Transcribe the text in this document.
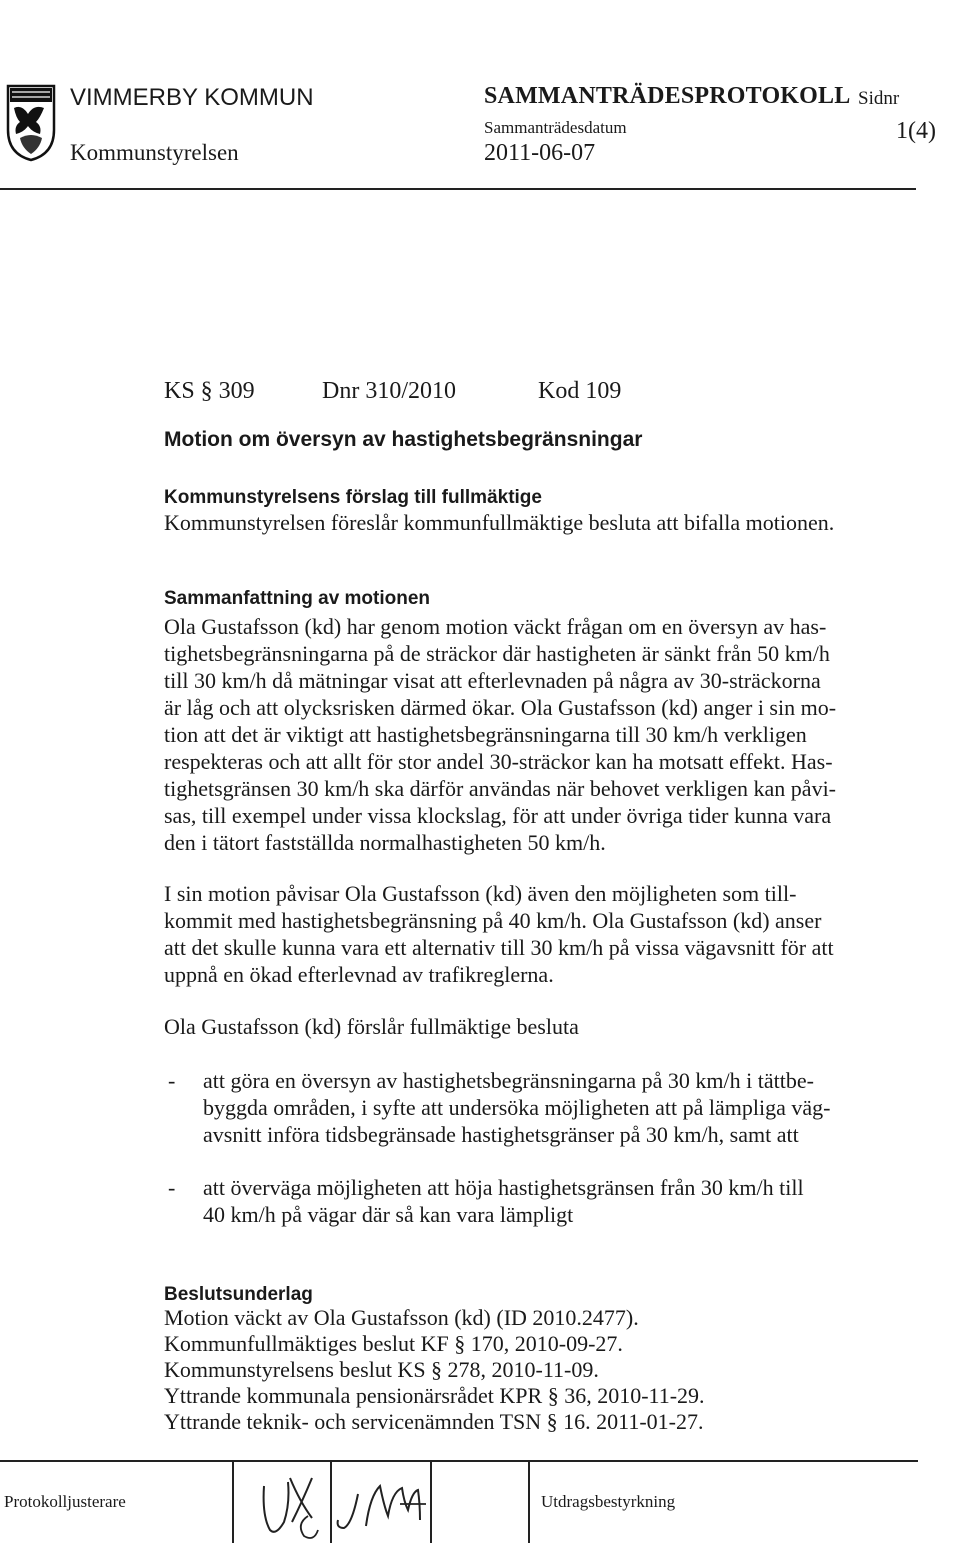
VIMMERBY KOMMUN
Kommunstyrelsen
SAMMANTRÄDESPROTOKOLL
Sammanträdesdatum
2011-06-07
Sidnr
1(4)
KS § 309	Dnr 310/2010	Kod 109
Motion om översyn av hastighetsbegränsningar
Kommunstyrelsens förslag till fullmäktige
Kommunstyrelsen föreslår kommunfullmäktige besluta att bifalla motionen.
Sammanfattning av motionen
Ola Gustafsson (kd) har genom motion väckt frågan om en översyn av has-
tighetsbegränsningarna på de sträckor där hastigheten är sänkt från 50 km/h
till 30 km/h då mätningar visat att efterlevnaden på några av 30-sträckorna
är låg och att olycksrisken därmed ökar. Ola Gustafsson (kd) anger i sin mo-
tion att det är viktigt att hastighetsbegränsningarna till 30 km/h verkligen
respekteras och att allt för stor andel 30-sträckor kan ha motsatt effekt. Has-
tighetsgränsen 30 km/h ska därför användas när behovet verkligen kan påvi-
sas, till exempel under vissa klockslag, för att under övriga tider kunna vara
den i tätort fastställda normalhastigheten 50 km/h.
I sin motion påvisar Ola Gustafsson (kd) även den möjligheten som till-
kommit med hastighetsbegränsning på 40 km/h. Ola Gustafsson (kd) anser
att det skulle kunna vara ett alternativ till 30 km/h på vissa vägavsnitt för att
uppnå en ökad efterlevnad av trafikreglerna.
Ola Gustafsson (kd) förslår fullmäktige besluta
- att göra en översyn av hastighetsbegränsningarna på 30 km/h i tättbe-
byggda områden, i syfte att undersöka möjligheten att på lämpliga väg-
avsnitt införa tidsbegränsade hastighetsgränser på 30 km/h, samt att
- att överväga möjligheten att höja hastighetsgränsen från 30 km/h till
40 km/h på vägar där så kan vara lämpligt
Beslutsunderlag
Motion väckt av Ola Gustafsson (kd) (ID 2010.2477).
Kommunfullmäktiges beslut KF § 170, 2010-09-27.
Kommunstyrelsens beslut KS § 278, 2010-11-09.
Yttrande kommunala pensionärsrådet KPR § 36, 2010-11-29.
Yttrande teknik- och servicenämnden TSN § 16. 2011-01-27.
Protokolljusterare	Utdragsbestyrkning
